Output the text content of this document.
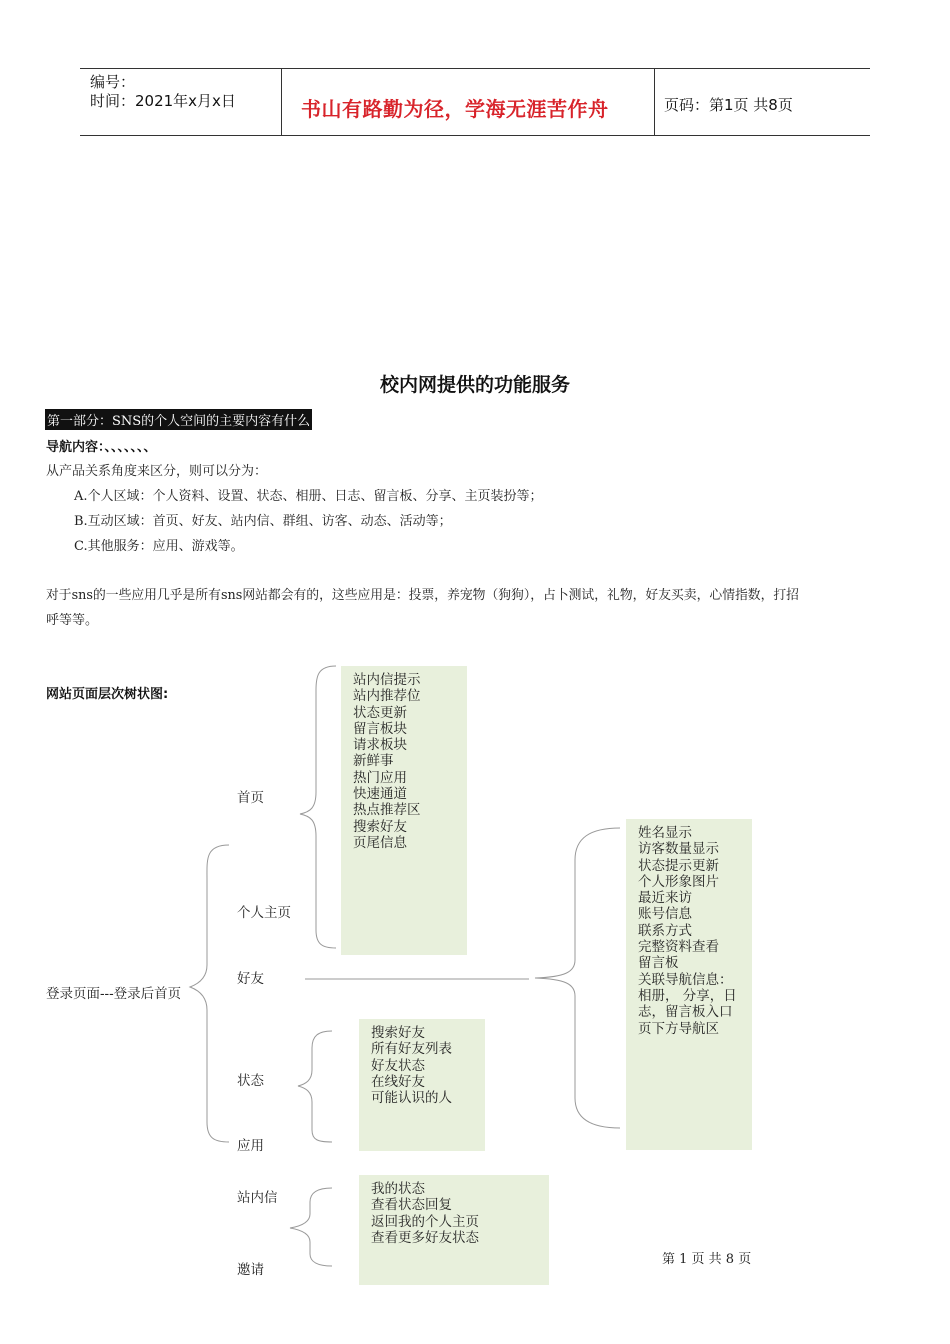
编号：
时间：2021年x月x日	书山有路勤为径，学海无涯苦作舟	页码：第1页 共8页
校内网提供的功能服务
第一部分：SNS的个人空间的主要内容有什么
导航内容：、、、、、、、
从产品关系角度来区分，则可以分为：
A.个人区域：个人资料、设置、状态、相册、日志、留言板、分享、主页装扮等；
B.互动区域：首页、好友、站内信、群组、访客、动态、活动等；
C.其他服务：应用、游戏等。
对于sns的一些应用几乎是所有sns网站都会有的，这些应用是：投票，养宠物（狗狗），占卜测试，礼物，好友买卖，心情指数，打招
呼等等。
网站页面层次树状图:
站内信提示
站内推荐位
状态更新
留言板块
请求板块
新鲜事
热门应用
快速通道
热点推荐区
搜索好友
页尾信息
姓名显示
访客数量显示
状态提示更新
个人形象图片
最近来访
账号信息
联系方式
完整资料查看
留言板
关联导航信息：
相册， 分享，日
志，留言板入口
页下方导航区
搜索好友
所有好友列表
好友状态
在线好友
可能认识的人
我的状态
查看状态回复
返回我的个人主页
查看更多好友状态
登录页面---登录后首页
首页
个人主页
好友
状态
应用
站内信
邀请
第 1 页 共 8 页
